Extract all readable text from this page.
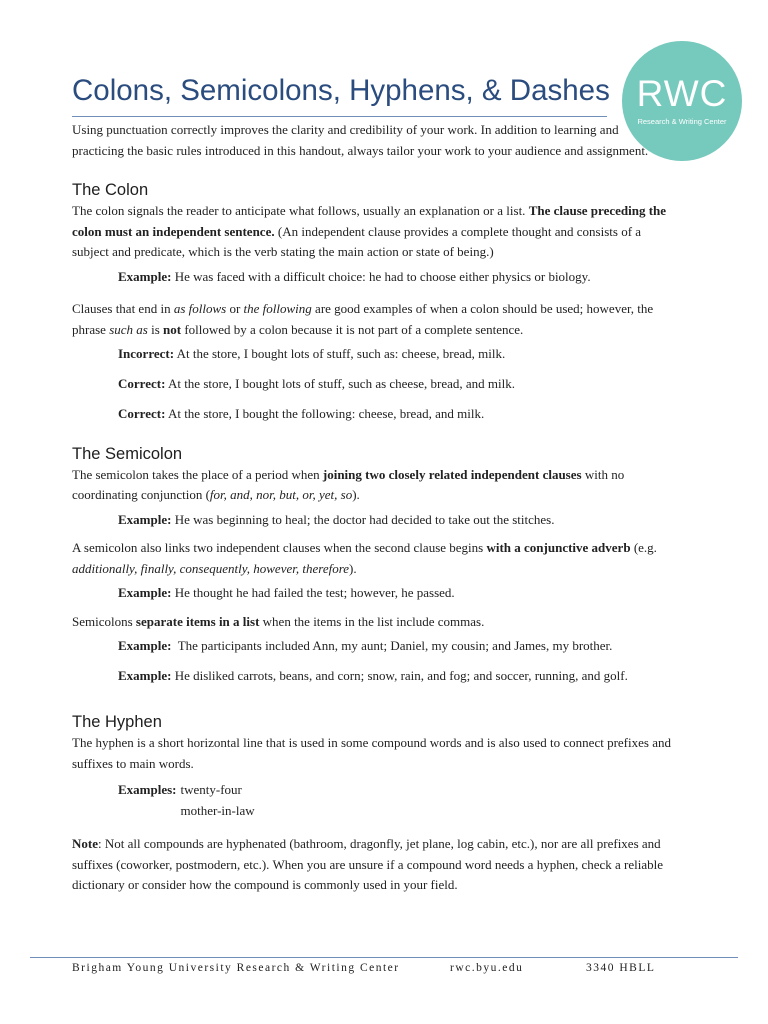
Colons, Semicolons, Hyphens, & Dashes RWC
Research & Writing Center

Using punctuation correctly improves the clarity and credibility of your work. In addition to learning and practicing the basic rules introduced in this handout, always tailor your work to your audience and assignment.

The Colon

The colon signals the reader to anticipate what follows, usually an explanation or a list. The clause preceding the colon must an independent sentence. (An independent clause provides a complete thought and consists of a subject and predicate, which is the verb stating the main action or state of being.)

Example: He was faced with a difficult choice: he had to choose either physics or biology.

Clauses that end in as follows or the following are good examples of when a colon should be used; however, the phrase such as is not followed by a colon because it is not part of a complete sentence.

Incorrect: At the store, I bought lots of stuff, such as: cheese, bread, milk.

Correct: At the store, I bought lots of stuff, such as cheese, bread, and milk.

Correct: At the store, I bought the following: cheese, bread, and milk.

The Semicolon

The semicolon takes the place of a period when joining two closely related independent clauses with no coordinating conjunction (for, and, nor, but, or, yet, so).

Example: He was beginning to heal; the doctor had decided to take out the stitches.

A semicolon also links two independent clauses when the second clause begins with a conjunctive adverb (e.g. additionally, finally, consequently, however, therefore).

Example: He thought he had failed the test; however, he passed.

Semicolons separate items in a list when the items in the list include commas.

Example:  The participants included Ann, my aunt; Daniel, my cousin; and James, my brother.

Example: He disliked carrots, beans, and corn; snow, rain, and fog; and soccer, running, and golf.

The Hyphen

The hyphen is a short horizontal line that is used in some compound words and is also used to connect prefixes and suffixes to main words.

Examples: twenty-four
mother-in-law

Note: Not all compounds are hyphenated (bathroom, dragonfly, jet plane, log cabin, etc.), nor are all prefixes and suffixes (coworker, postmodern, etc.). When you are unsure if a compound word needs a hyphen, check a reliable dictionary or consider how the compound is commonly used in your field.

Brigham Young University Research & Writing Center	rwc.byu.edu	3340 HBLL
